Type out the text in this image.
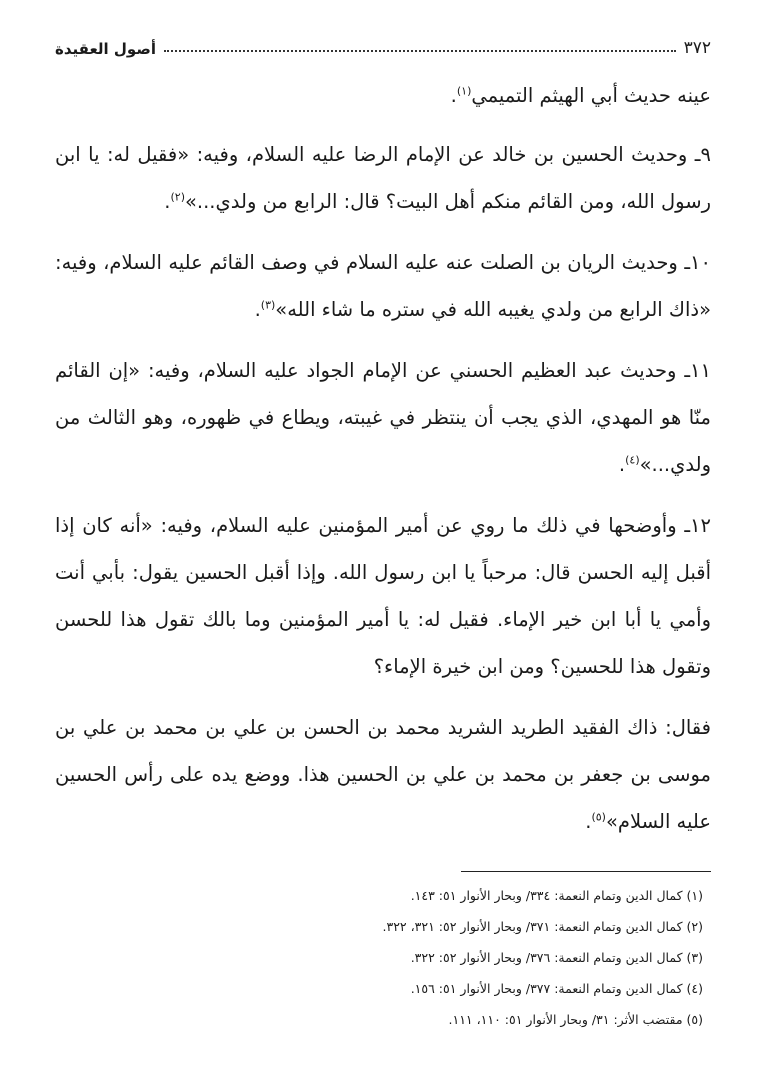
٣٧٢
أصول العقيدة

عينه حديث أبي الهيثم التميمي$^{(١)}$.

٩ـ وحديث الحسين بن خالد عن الإمام الرضا عليه السلام، وفيه: «فقيل له: يا ابن رسول الله، ومن القائم منكم أهل البيت؟ قال: الرابع من ولدي...»$^{(٢)}$.

١٠ـ وحديث الريان بن الصلت عنه عليه السلام في وصف القائم عليه السلام، وفيه: «ذاك الرابع من ولدي يغيبه الله في ستره ما شاء الله»$^{(٣)}$.

١١ـ وحديث عبد العظيم الحسني عن الإمام الجواد عليه السلام، وفيه: «إن القائم منّا هو المهدي، الذي يجب أن ينتظر في غيبته، ويطاع في ظهوره، وهو الثالث من ولدي...»$^{(٤)}$.

١٢ـ وأوضحها في ذلك ما روي عن أمير المؤمنين عليه السلام، وفيه: «أنه كان إذا أقبل إليه الحسن قال: مرحباً يا ابن رسول الله. وإذا أقبل الحسين يقول: بأبي أنت وأمي يا أبا ابن خير الإماء. فقيل له: يا أمير المؤمنين وما بالك تقول هذا للحسن وتقول هذا للحسين؟ ومن ابن خيرة الإماء؟

فقال: ذاك الفقيد الطريد الشريد محمد بن الحسن بن علي بن محمد بن علي بن موسى بن جعفر بن محمد بن علي بن الحسين هذا. ووضع يده على رأس الحسين عليه السلام»$^{(٥)}$.

(١) كمال الدين وتمام النعمة: ٣٣٤/ وبحار الأنوار ٥١: ١٤٣.
(٢) كمال الدين وتمام النعمة: ٣٧١/ وبحار الأنوار ٥٢: ٣٢١، ٣٢٢.
(٣) كمال الدين وتمام النعمة: ٣٧٦/ وبحار الأنوار ٥٢: ٣٢٢.
(٤) كمال الدين وتمام النعمة: ٣٧٧/ وبحار الأنوار ٥١: ١٥٦.
(٥) مقتضب الأثر: ٣١/ وبحار الأنوار ٥١: ١١٠، ١١١.
